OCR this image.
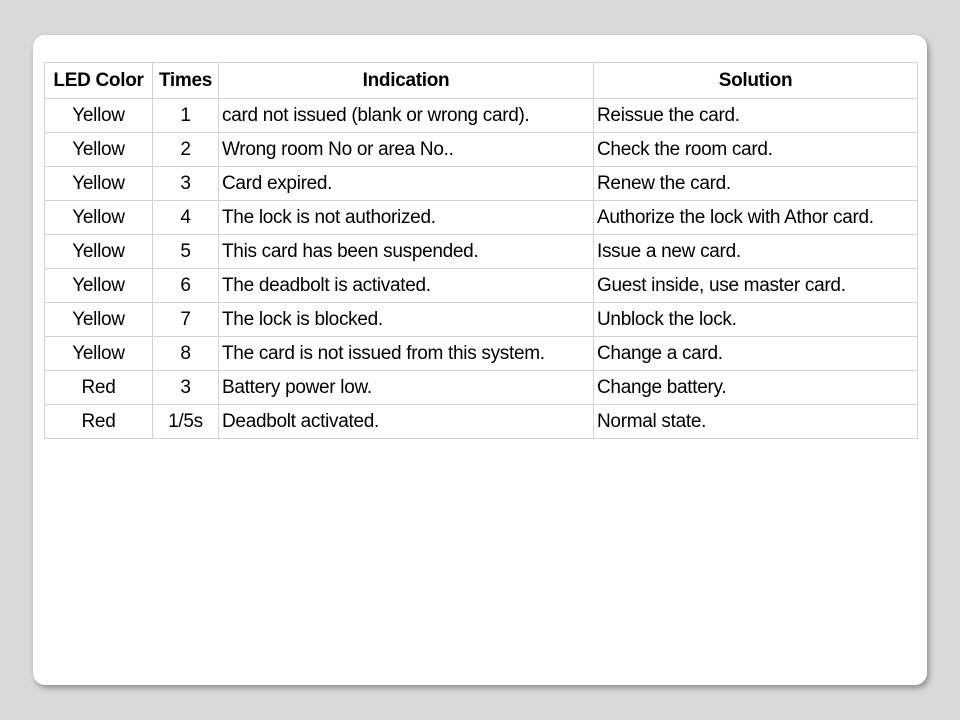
LED Color	Times	Indication	Solution
Yellow	1	card not issued (blank or wrong card).	Reissue the card.
Yellow	2	Wrong room No or area No..	Check the room card.
Yellow	3	Card expired.	Renew the card.
Yellow	4	The lock is not authorized.	Authorize the lock with Athor card.
Yellow	5	This card has been suspended.	Issue a new card.
Yellow	6	The deadbolt is activated.	Guest inside, use master card.
Yellow	7	The lock is blocked.	Unblock the lock.
Yellow	8	The card is not issued from this system.	Change a card.
Red	3	Battery power low.	Change battery.
Red	1/5s	Deadbolt activated.	Normal state.
